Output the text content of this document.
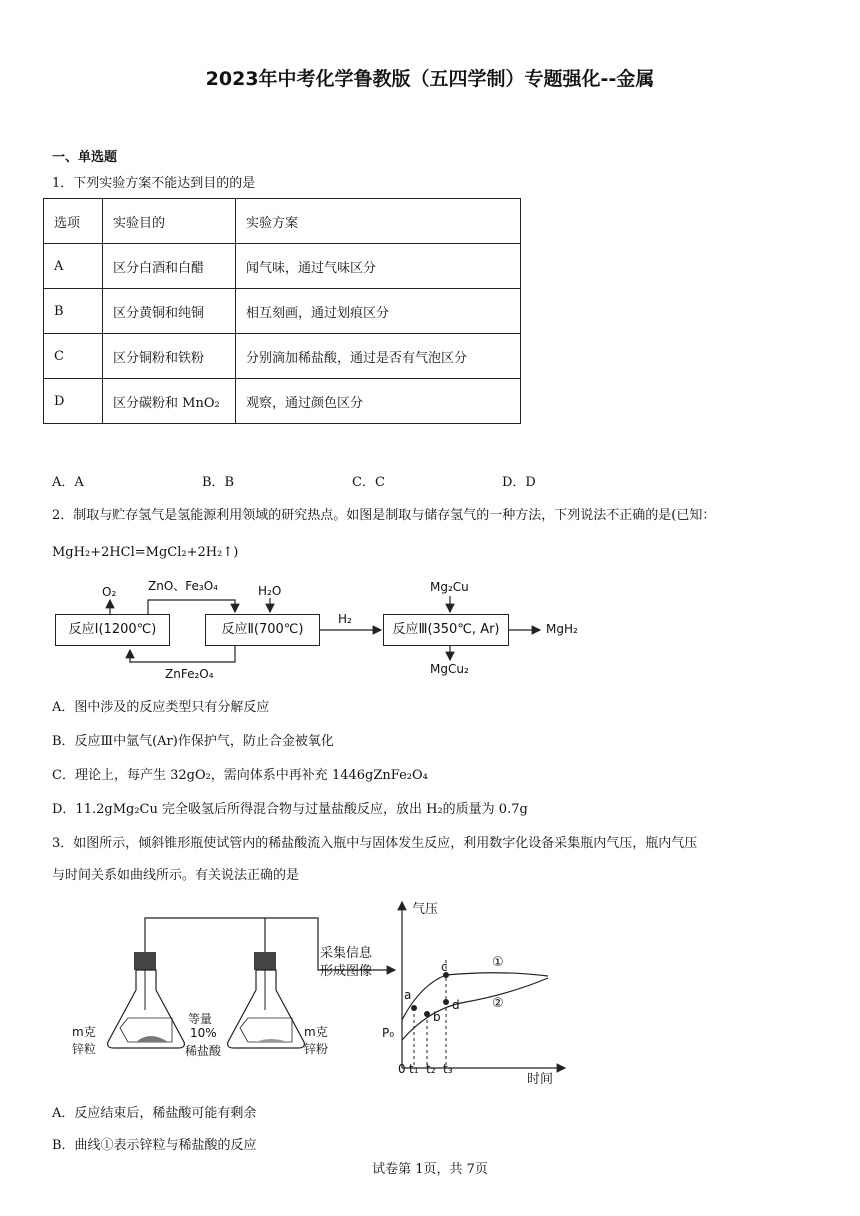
2023年中考化学鲁教版（五四学制）专题强化--金属
一、单选题
1．下列实验方案不能达到目的的是
选项	实验目的	实验方案
A	区分白酒和白醋	闻气味，通过气味区分
B	区分黄铜和纯铜	相互刻画，通过划痕区分
C	区分铜粉和铁粉	分别滴加稀盐酸，通过是否有气泡区分
D	区分碳粉和 MnO₂	观察，通过颜色区分
A．A	B．B	C．C	D．D
2．制取与贮存氢气是氢能源利用领域的研究热点。如图是制取与储存氢气的一种方法，下列说法不正确的是(已知：
MgH₂+2HCl=MgCl₂+2H₂↑)
反应Ⅰ(1200℃)	反应Ⅱ(700℃)	反应Ⅲ(350℃, Ar)
O₂	ZnO、Fe₃O₄	H₂O
H₂
Mg₂Cu
MgCu₂
MgH₂
ZnFe₂O₄
A．图中涉及的反应类型只有分解反应
B．反应Ⅲ中氩气(Ar)作保护气，防止合金被氧化
C．理论上，每产生 32gO₂，需向体系中再补充 1446gZnFe₂O₄
D．11.2gMg₂Cu 完全吸氢后所得混合物与过量盐酸反应，放出 H₂的质量为 0.7g
3．如图所示，倾斜锥形瓶使试管内的稀盐酸流入瓶中与固体发生反应，利用数字化设备采集瓶内气压，瓶内气压
与时间关系如曲线所示。有关说法正确的是
m克
锌粒
等量
10%
稀盐酸
m克
锌粉
采集信息
形成图像
气压
时间
P₀
0 t₁ t₂ t₃
a
b
c
d
①
②
A．反应结束后，稀盐酸可能有剩余
B．曲线①表示锌粒与稀盐酸的反应
试卷第 1页，共 7页
